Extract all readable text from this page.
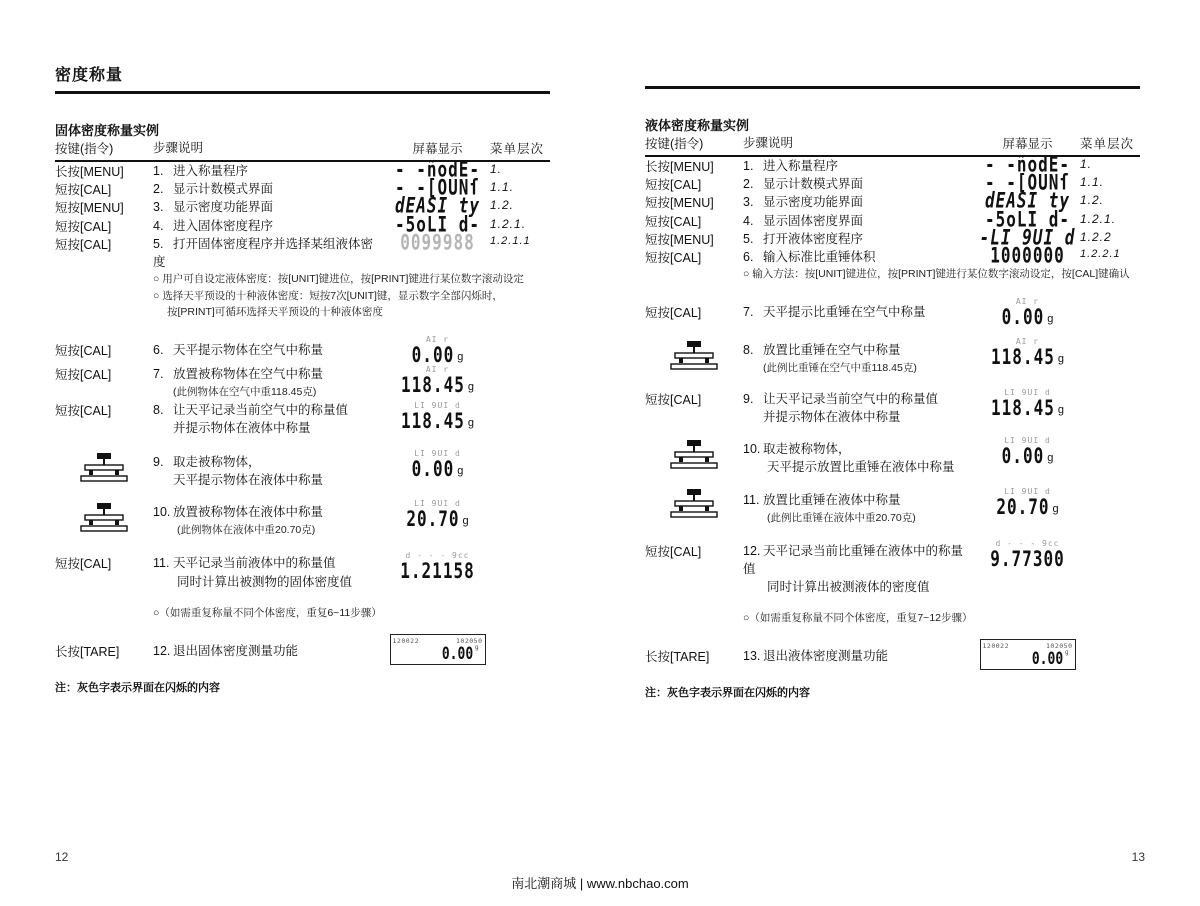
密度称量
固体密度称量实例
按键(指令)	步骤说明	屏幕显示	菜单层次

长按[MENU]	1. 进入称量程序	- -ñodE-	1.
短按[CAL]	2. 显示计数模式界面	- -[OUNſ	1.1.
短按[MENU]	3. 显示密度功能界面	dEASI ty	1.2.
短按[CAL]	4. 进入固体密度程序	-5oLI d-	1.2.1.
短按[CAL]	5. 打开固体密度程序并选择某组液体密度	0099988	1.2.1.1
	○ 用户可自设定液体密度：按[UNIT]键进位，按[PRINT]键进行某位数字滚动设定
○ 选择天平预设的十种液体密度：短按7次[UNIT]键，显示数字全部闪烁时，

按[PRINT]可循环选择天平预设的十种液体密度		

短按[CAL]	6. 天平提示物体在空气中称量	AI r
0.00 g	

短按[CAL]	7. 放置被称物体在空气中称量
(此例物体在空气中重118.45克)	AI r
118.45 g	

短按[CAL]	8. 让天平记录当前空气中的称量值
并提示物体在液体中称量	LI 9UI d
118.45 g	

	9. 取走被称物体，
天平提示物体在液体中称量	LI 9UI d
0.00 g	

	10. 放置被称物体在液体中称量
(此例物体在液体中重20.70克)	LI 9UI d
20.70 g	

短按[CAL]	11. 天平记录当前液体中的称量值
同时计算出被测物的固体密度值	d - - - 9cc
1.21158	

	○（如需重复称量不同个体密度，重复6~11步骤）		
长按[TARE]	12. 退出固体密度测量功能	120022 102050
0.00 g	

注：灰色字表示界面在闪烁的内容
液体密度称量实例
按键(指令)	步骤说明	屏幕显示	菜单层次

长按[MENU]	1. 进入称量程序	- -ñodE-	1.
短按[CAL]	2. 显示计数模式界面	- -[OUNſ	1.1.
短按[MENU]	3. 显示密度功能界面	dEASI ty	1.2.
短按[CAL]	4. 显示固体密度界面	-5oLI d-	1.2.1.
短按[MENU]	5. 打开液体密度程序	-LI 9UI d	1.2.2
短按[CAL]	6. 输入标准比重锤体积	1000000	1.2.2.1
	○ 输入方法：按[UNIT]键进位，按[PRINT]键进行某位数字滚动设定，按[CAL]键确认		
短按[CAL]	7. 天平提示比重锤在空气中称量	AI r
0.00 g	

	8. 放置比重锤在空气中称量
(此例比重锤在空气中重118.45克)	AI r
118.45 g	

短按[CAL]	9. 让天平记录当前空气中的称量值
并提示物体在液体中称量	LI 9UI d
118.45 g	

	10. 取走被称物体，
天平提示放置比重锤在液体中称量	LI 9UI d
0.00 g	

	11. 放置比重锤在液体中称量
(此例比重锤在液体中重20.70克)	LI 9UI d
20.70 g	

短按[CAL]	12. 天平记录当前比重锤在液体中的称量值
同时计算出被测液体的密度值	d - - - 9cc
9.77300	

	○（如需重复称量不同个体密度，重复7~12步骤）		
长按[TARE]	13. 退出液体密度测量功能	120022 102050
0.00 g	

注：灰色字表示界面在闪烁的内容
12	13
南北潮商城 | www.nbchao.com
